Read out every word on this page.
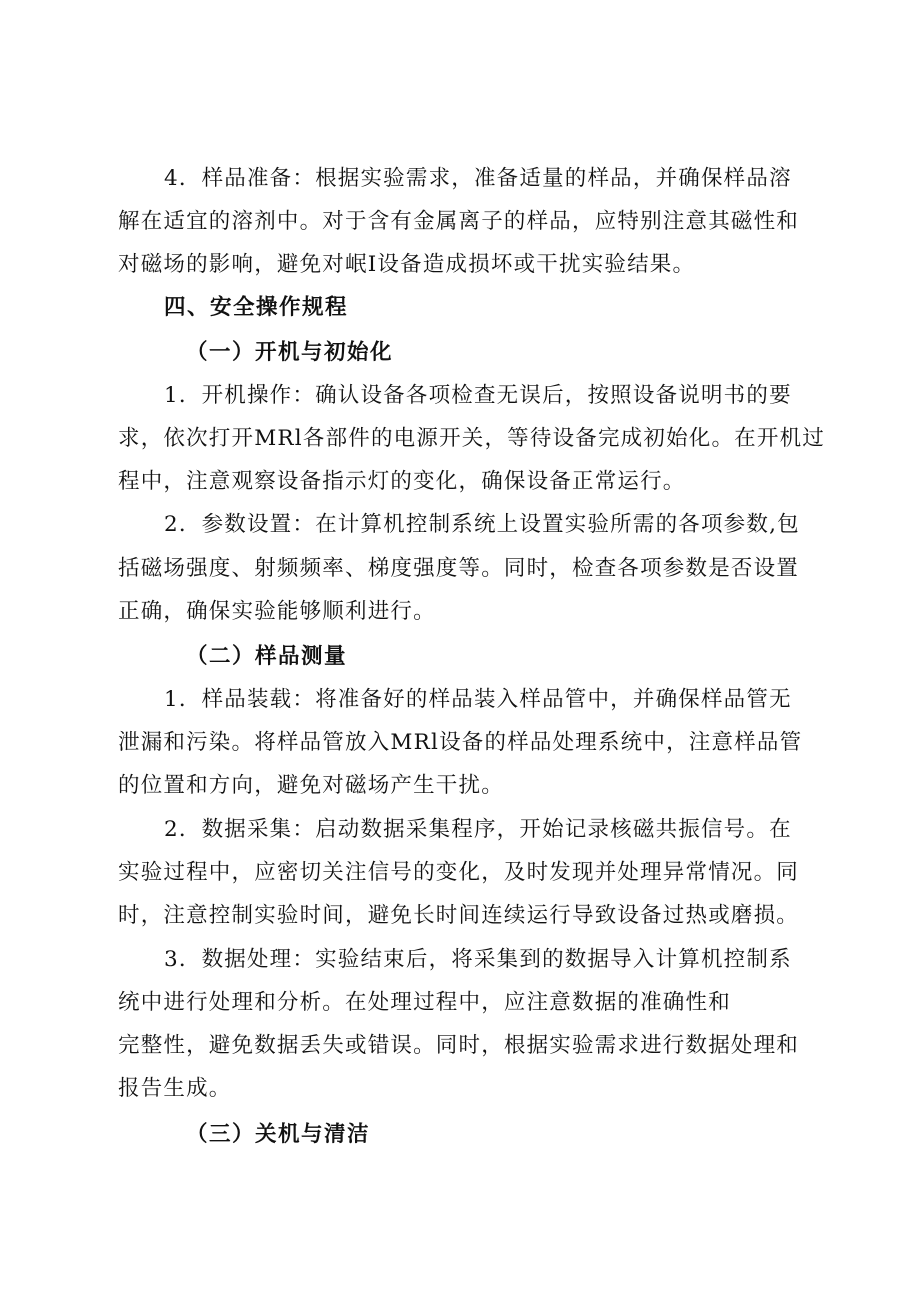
4．样品准备：根据实验需求，准备适量的样品，并确保样品溶
解在适宜的溶剂中。对于含有金属离子的样品，应特别注意其磁性和
对磁场的影响，避免对岷I设备造成损坏或干扰实验结果。
四、安全操作规程
（一）开机与初始化
1．开机操作：确认设备各项检查无误后，按照设备说明书的要
求，依次打开MRl各部件的电源开关，等待设备完成初始化。在开机过
程中，注意观察设备指示灯的变化，确保设备正常运行。
2．参数设置：在计算机控制系统上设置实验所需的各项参数,包
括磁场强度、射频频率、梯度强度等。同时，检查各项参数是否设置
正确，确保实验能够顺利进行。
（二）样品测量
1．样品装载：将准备好的样品装入样品管中，并确保样品管无
泄漏和污染。将样品管放入MRl设备的样品处理系统中，注意样品管
的位置和方向，避免对磁场产生干扰。
2．数据采集：启动数据采集程序，开始记录核磁共振信号。在
实验过程中，应密切关注信号的变化，及时发现并处理异常情况。同
时，注意控制实验时间，避免长时间连续运行导致设备过热或磨损。
3．数据处理：实验结束后，将采集到的数据导入计算机控制系
统中进行处理和分析。在处理过程中，应注意数据的准确性和
完整性，避免数据丢失或错误。同时，根据实验需求进行数据处理和
报告生成。
（三）关机与清洁
